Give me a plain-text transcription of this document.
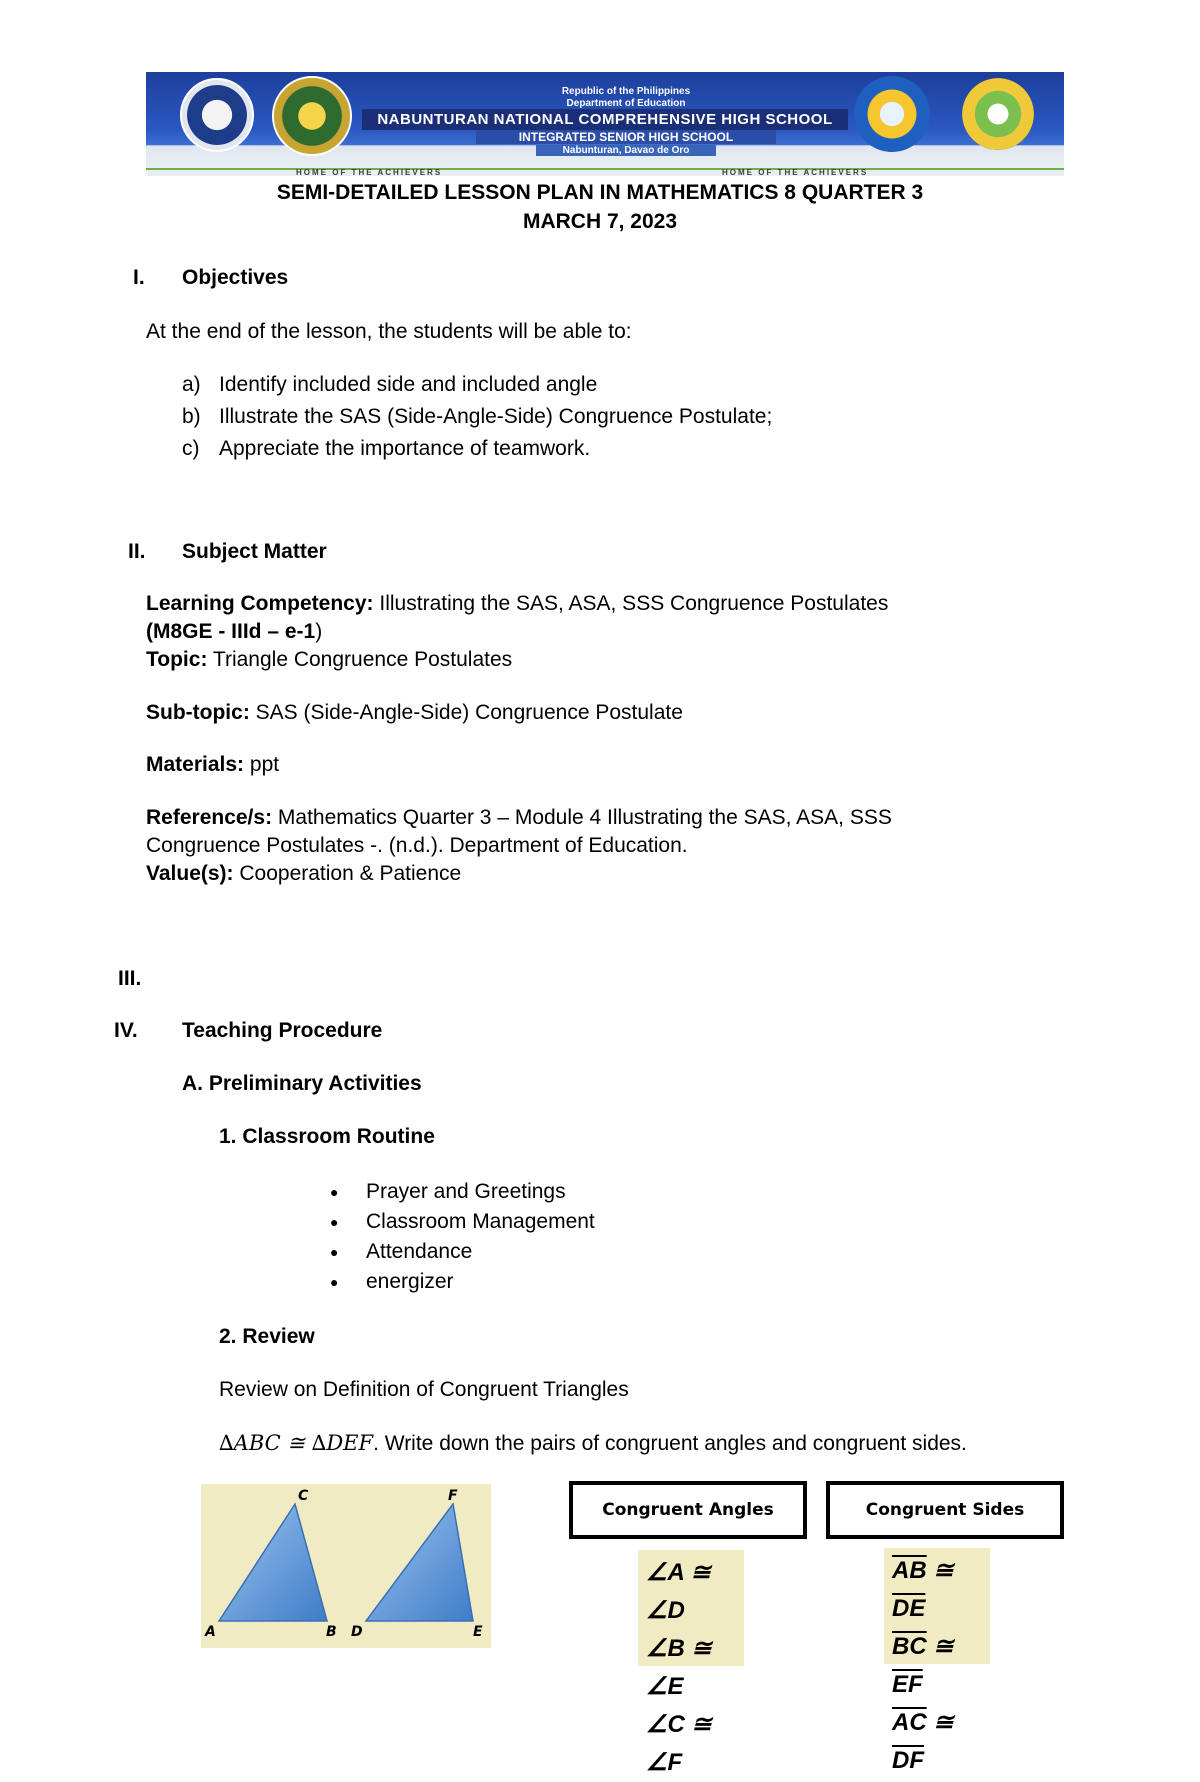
Republic of the Philippines
Department of Education
NABUNTURAN NATIONAL COMPREHENSIVE HIGH SCHOOL
INTEGRATED SENIOR HIGH SCHOOL
Nabunturan, Davao de Oro
HOME OF THE ACHIEVERS	HOME OF THE ACHIEVERS
SEMI-DETAILED LESSON PLAN IN MATHEMATICS 8 QUARTER 3
MARCH 7, 2023
I. Objectives
At the end of the lesson, the students will be able to:
a) Identify included side and included angle
b) Illustrate the SAS (Side-Angle-Side) Congruence Postulate;
c) Appreciate the importance of teamwork.
II. Subject Matter
Learning Competency: Illustrating the SAS, ASA, SSS Congruence Postulates
(M8GE - IIId – e-1)
Topic: Triangle Congruence Postulates
Sub-topic: SAS (Side-Angle-Side) Congruence Postulate
Materials: ppt
Reference/s: Mathematics Quarter 3 – Module 4 Illustrating the SAS, ASA, SSS
Congruence Postulates -. (n.d.). Department of Education.
Value(s): Cooperation & Patience
III.
IV. Teaching Procedure
A. Preliminary Activities
1. Classroom Routine
● Prayer and Greetings
● Classroom Management
● Attendance
● energizer
2. Review
Review on Definition of Congruent Triangles
∆ABC ≅ ∆DEF. Write down the pairs of congruent angles and congruent sides.
C	F
A	B D	E
Congruent Angles
∠A ≅ ∠D
∠B ≅ ∠E
∠C ≅ ∠F
Congruent Sides
$\overline{AB}$ ≅ $\overline{DE}$
$\overline{BC}$ ≅ $\overline{EF}$
$\overline{AC}$ ≅ $\overline{DF}$
